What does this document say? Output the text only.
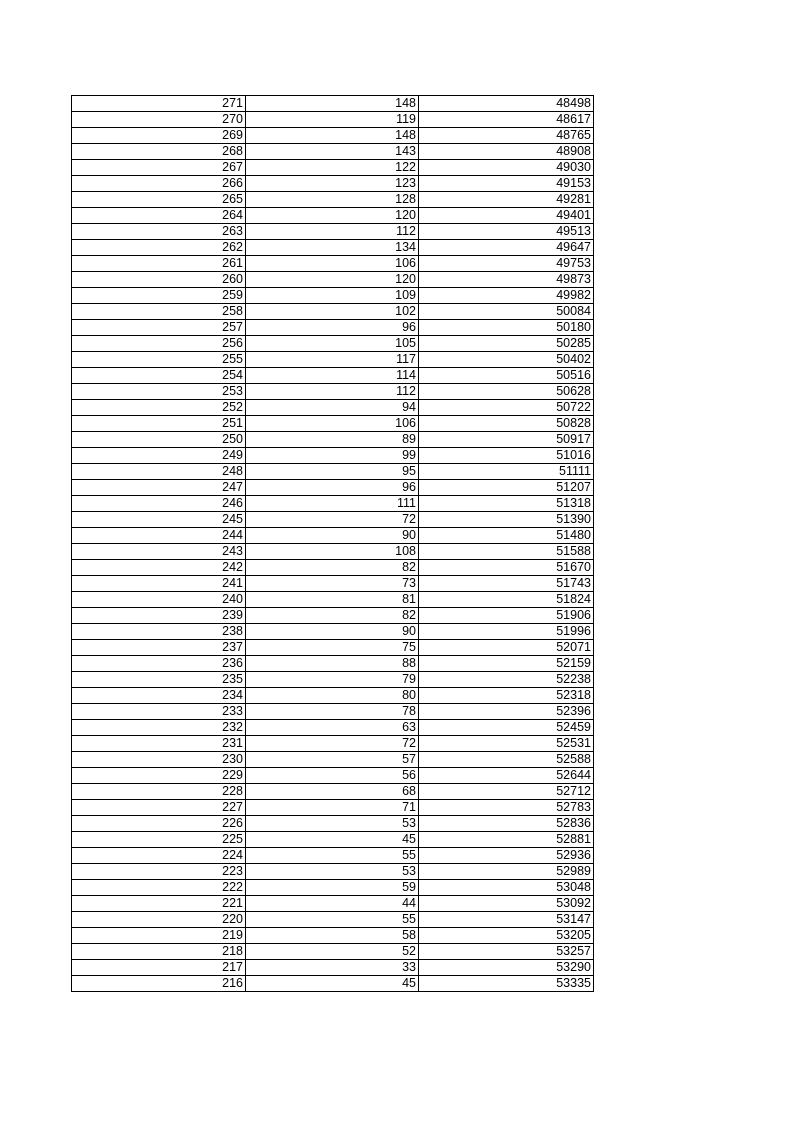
271	148	48498
270	119	48617
269	148	48765
268	143	48908
267	122	49030
266	123	49153
265	128	49281
264	120	49401
263	112	49513
262	134	49647
261	106	49753
260	120	49873
259	109	49982
258	102	50084
257	96	50180
256	105	50285
255	117	50402
254	114	50516
253	112	50628
252	94	50722
251	106	50828
250	89	50917
249	99	51016
248	95	51111
247	96	51207
246	111	51318
245	72	51390
244	90	51480
243	108	51588
242	82	51670
241	73	51743
240	81	51824
239	82	51906
238	90	51996
237	75	52071
236	88	52159
235	79	52238
234	80	52318
233	78	52396
232	63	52459
231	72	52531
230	57	52588
229	56	52644
228	68	52712
227	71	52783
226	53	52836
225	45	52881
224	55	52936
223	53	52989
222	59	53048
221	44	53092
220	55	53147
219	58	53205
218	52	53257
217	33	53290
216	45	53335
